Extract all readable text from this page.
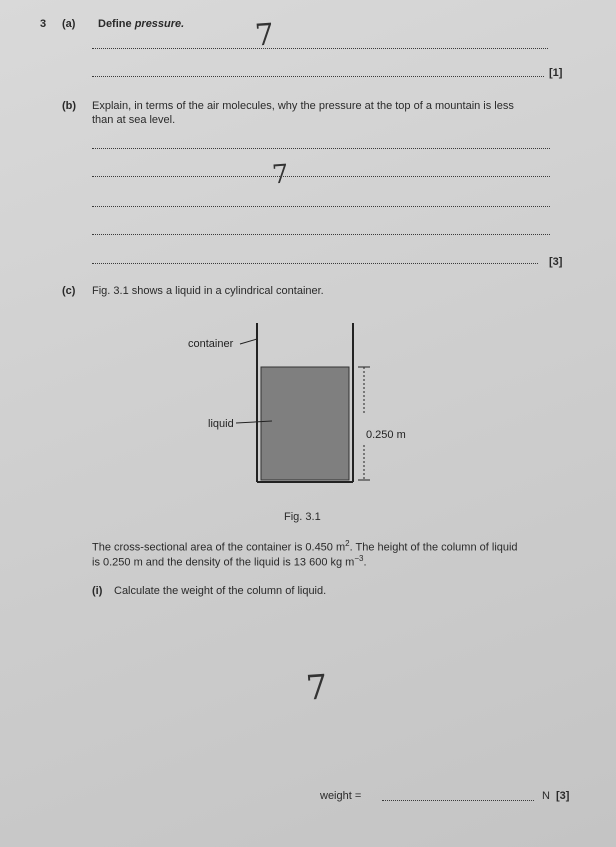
3 (a) Define pressure. 7
[1]
(b) Explain, in terms of the air molecules, why the pressure at the top of a mountain is less
than at sea level.
7
[3]
(c) Fig. 3.1 shows a liquid in a cylindrical container.
container
liquid
0.250 m
Fig. 3.1
The cross-sectional area of the container is 0.450 $m^2$. The height of the column of liquid
is 0.250 m and the density of the liquid is 13 600 kg $m^{-3}$.
(i) Calculate the weight of the column of liquid.
7
weight =	N [3]
